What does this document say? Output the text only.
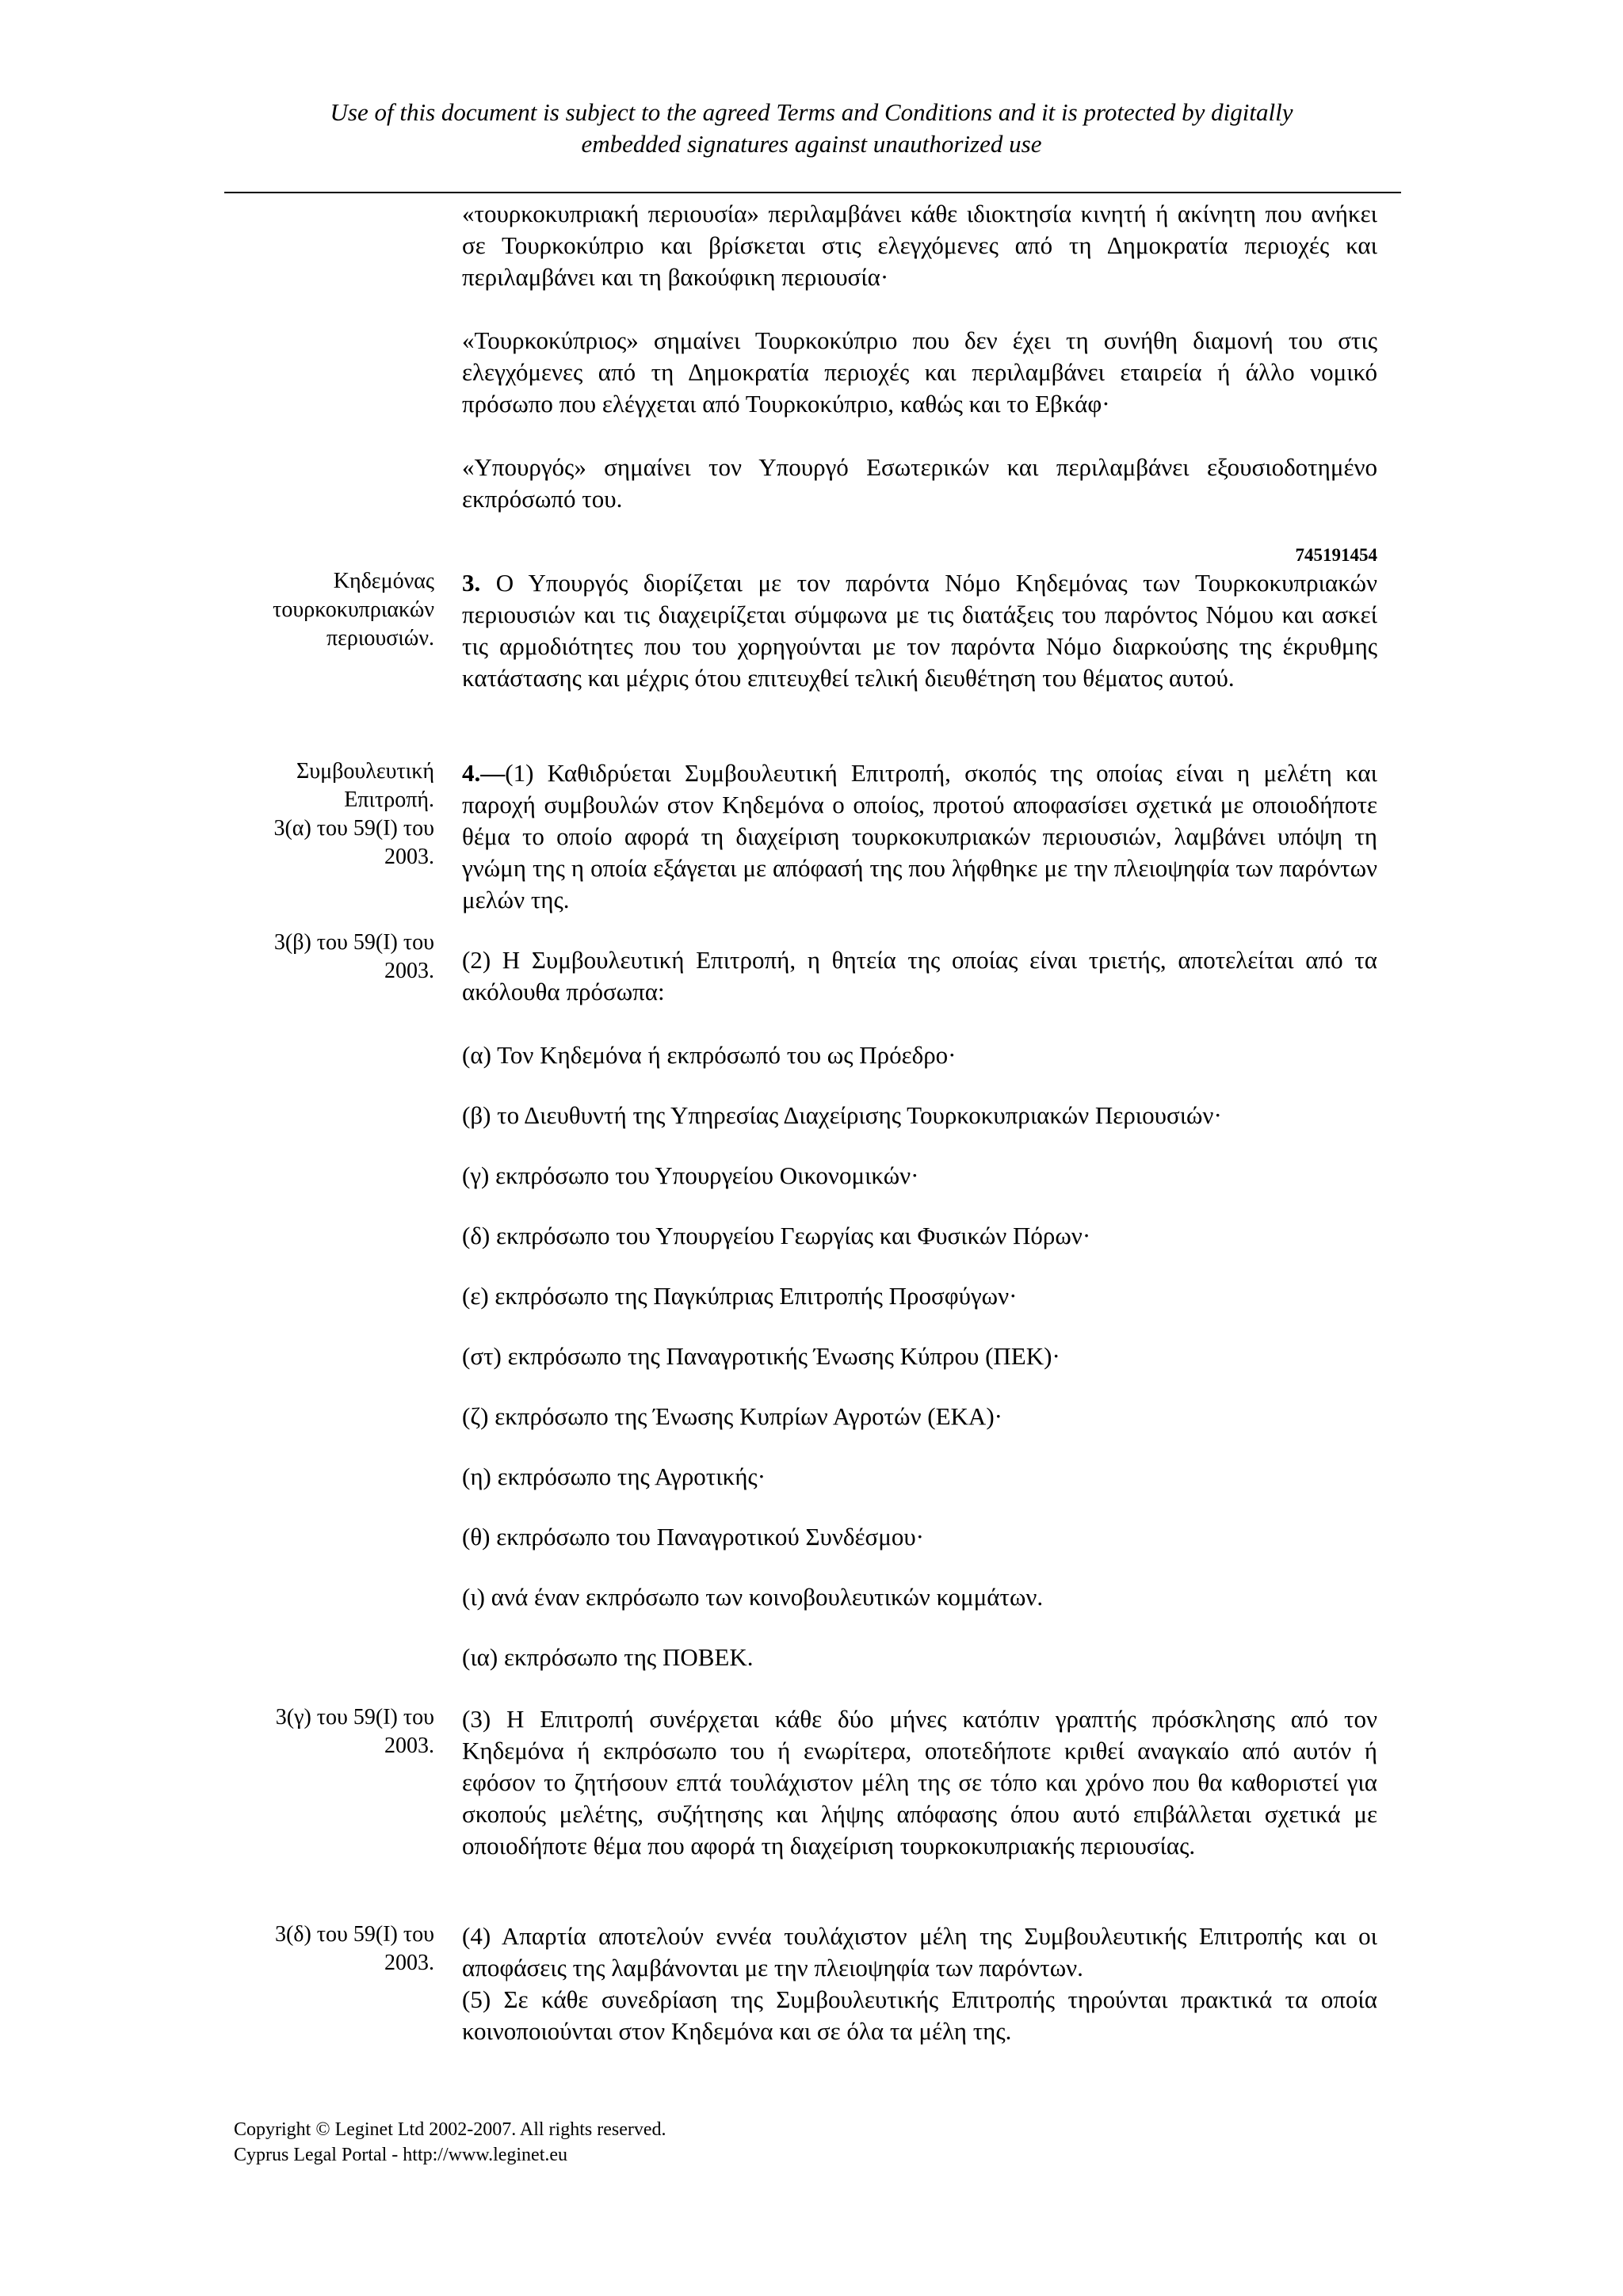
Use of this document is subject to the agreed Terms and Conditions and it is protected by digitally
embedded signatures against unauthorized use
«τουρκοκυπριακή περιουσία» περιλαμβάνει κάθε ιδιοκτησία κινητή ή ακίνητη που ανήκει σε Τουρκοκύπριο και βρίσκεται στις ελεγχόμενες από τη Δημοκρατία περιοχές και περιλαμβάνει και τη βακούφικη περιουσία·
«Τουρκοκύπριος» σημαίνει Τουρκοκύπριο που δεν έχει τη συνήθη διαμονή του στις ελεγχόμενες από τη Δημοκρατία περιοχές και περιλαμβάνει εταιρεία ή άλλο νομικό πρόσωπο που ελέγχεται από Τουρκοκύπριο, καθώς και το Εβκάφ·
«Υπουργός» σημαίνει τον Υπουργό Εσωτερικών και περιλαμβάνει εξουσιοδοτημένο εκπρόσωπό του.
745191454
Κηδεμόνας τουρκοκυπριακών περιουσιών.
3. Ο Υπουργός διορίζεται με τον παρόντα Νόμο Κηδεμόνας των Τουρκοκυπριακών περιουσιών και τις διαχειρίζεται σύμφωνα με τις διατάξεις του παρόντος Νόμου και ασκεί τις αρμοδιότητες που του χορηγούνται με τον παρόντα Νόμο διαρκούσης της έκρυθμης κατάστασης και μέχρις ότου επιτευχθεί τελική διευθέτηση του θέματος αυτού.
Συμβουλευτική Επιτροπή.
3(α) του 59(Ι) του 2003.
3(β) του 59(Ι) του 2003.
4.—(1) Καθιδρύεται Συμβουλευτική Επιτροπή, σκοπός της οποίας είναι η μελέτη και παροχή συμβουλών στον Κηδεμόνα ο οποίος, προτού αποφασίσει σχετικά με οποιοδήποτε θέμα το οποίο αφορά τη διαχείριση τουρκοκυπριακών περιουσιών, λαμβάνει υπόψη τη γνώμη της η οποία εξάγεται με απόφασή της που λήφθηκε με την πλειοψηφία των παρόντων μελών της.
(2) Η Συμβουλευτική Επιτροπή, η θητεία της οποίας είναι τριετής, αποτελείται από τα ακόλουθα πρόσωπα:
(α) Τον Κηδεμόνα ή εκπρόσωπό του ως Πρόεδρο·
(β) το Διευθυντή της Υπηρεσίας Διαχείρισης Τουρκοκυπριακών Περιουσιών·
(γ) εκπρόσωπο του Υπουργείου Οικονομικών·
(δ) εκπρόσωπο του Υπουργείου Γεωργίας και Φυσικών Πόρων·
(ε) εκπρόσωπο της Παγκύπριας Επιτροπής Προσφύγων·
(στ) εκπρόσωπο της Παναγροτικής Ένωσης Κύπρου (ΠΕΚ)·
(ζ) εκπρόσωπο της Ένωσης Κυπρίων Αγροτών (ΕΚΑ)·
(η) εκπρόσωπο της Αγροτικής·
(θ) εκπρόσωπο του Παναγροτικού Συνδέσμου·
(ι) ανά έναν εκπρόσωπο των κοινοβουλευτικών κομμάτων.
(ια) εκπρόσωπο της ΠΟΒΕΚ.
3(γ) του 59(Ι) του 2003.
(3) Η Επιτροπή συνέρχεται κάθε δύο μήνες κατόπιν γραπτής πρόσκλησης από τον Κηδεμόνα ή εκπρόσωπο του ή ενωρίτερα, οποτεδήποτε κριθεί αναγκαίο από αυτόν ή εφόσον το ζητήσουν επτά τουλάχιστον μέλη της σε τόπο και χρόνο που θα καθοριστεί για σκοπούς μελέτης, συζήτησης και λήψης απόφασης όπου αυτό επιβάλλεται σχετικά με οποιοδήποτε θέμα που αφορά τη διαχείριση τουρκοκυπριακής περιουσίας.
3(δ) του 59(Ι) του 2003.
(4) Απαρτία αποτελούν εννέα τουλάχιστον μέλη της Συμβουλευτικής Επιτροπής και οι αποφάσεις της λαμβάνονται με την πλειοψηφία των παρόντων.
(5) Σε κάθε συνεδρίαση της Συμβουλευτικής Επιτροπής τηρούνται πρακτικά τα οποία κοινοποιούνται στον Κηδεμόνα και σε όλα τα μέλη της.
Copyright © Leginet Ltd 2002-2007. All rights reserved.
Cyprus Legal Portal - http://www.leginet.eu
